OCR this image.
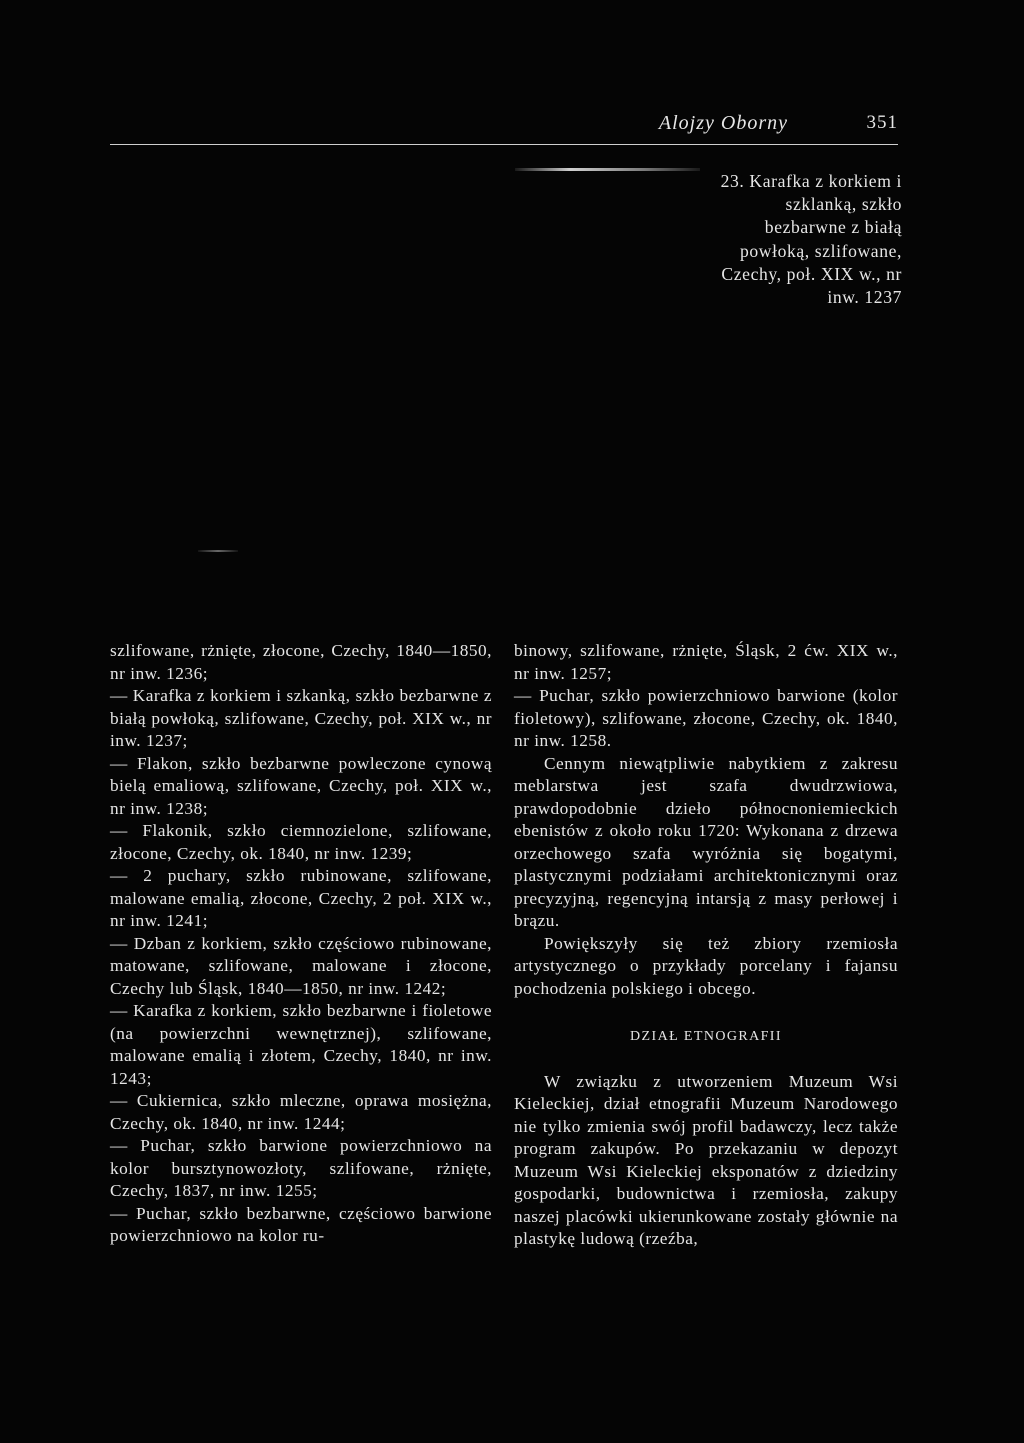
Alojzy Oborny	351

23. Karafka z korkiem i szklanką, szkło bezbarwne z białą powłoką, szlifowane, Czechy, poł. XIX w., nr inw. 1237

szlifowane, rżnięte, złocone, Czechy, 1840—1850, nr inw. 1236;

— Karafka z korkiem i szkanką, szkło bezbarwne z białą powłoką, szlifowane, Czechy, poł. XIX w., nr inw. 1237;

— Flakon, szkło bezbarwne powleczone cynową bielą emaliową, szlifowane, Czechy, poł. XIX w., nr inw. 1238;

— Flakonik, szkło ciemnozielone, szlifowane, złocone, Czechy, ok. 1840, nr inw. 1239;

— 2 puchary, szkło rubinowane, szlifowane, malowane emalią, złocone, Czechy, 2 poł. XIX w., nr inw. 1241;

— Dzban z korkiem, szkło częściowo rubinowane, matowane, szlifowane, malowane i złocone, Czechy lub Śląsk, 1840—1850, nr inw. 1242;

— Karafka z korkiem, szkło bezbarwne i fioletowe (na powierzchni wewnętrznej), szlifowane, malowane emalią i złotem, Czechy, 1840, nr inw. 1243;

— Cukiernica, szkło mleczne, oprawa mosiężna, Czechy, ok. 1840, nr inw. 1244;

— Puchar, szkło barwione powierzchniowo na kolor bursztynowozłoty, szlifowane, rżnięte, Czechy, 1837, nr inw. 1255;

— Puchar, szkło bezbarwne, częściowo barwione powierzchniowo na kolor ru-

binowy, szlifowane, rżnięte, Śląsk, 2 ćw. XIX w., nr inw. 1257;

— Puchar, szkło powierzchniowo barwione (kolor fioletowy), szlifowane, złocone, Czechy, ok. 1840, nr inw. 1258.

Cennym niewątpliwie nabytkiem z zakresu meblarstwa jest szafa dwudrzwiowa, prawdopodobnie dzieło północnoniemieckich ebenistów z około roku 1720: Wykonana z drzewa orzechowego szafa wyróżnia się bogatymi, plastycznymi podziałami architektonicznymi oraz precyzyjną, regencyjną intarsją z masy perłowej i brązu.

Powiększyły się też zbiory rzemiosła artystycznego o przykłady porcelany i fajansu pochodzenia polskiego i obcego.

DZIAŁ ETNOGRAFII

W związku z utworzeniem Muzeum Wsi Kieleckiej, dział etnografii Muzeum Narodowego nie tylko zmienia swój profil badawczy, lecz także program zakupów. Po przekazaniu w depozyt Muzeum Wsi Kieleckiej eksponatów z dziedziny gospodarki, budownictwa i rzemiosła, zakupy naszej placówki ukierunkowane zostały głównie na plastykę ludową (rzeźba,
